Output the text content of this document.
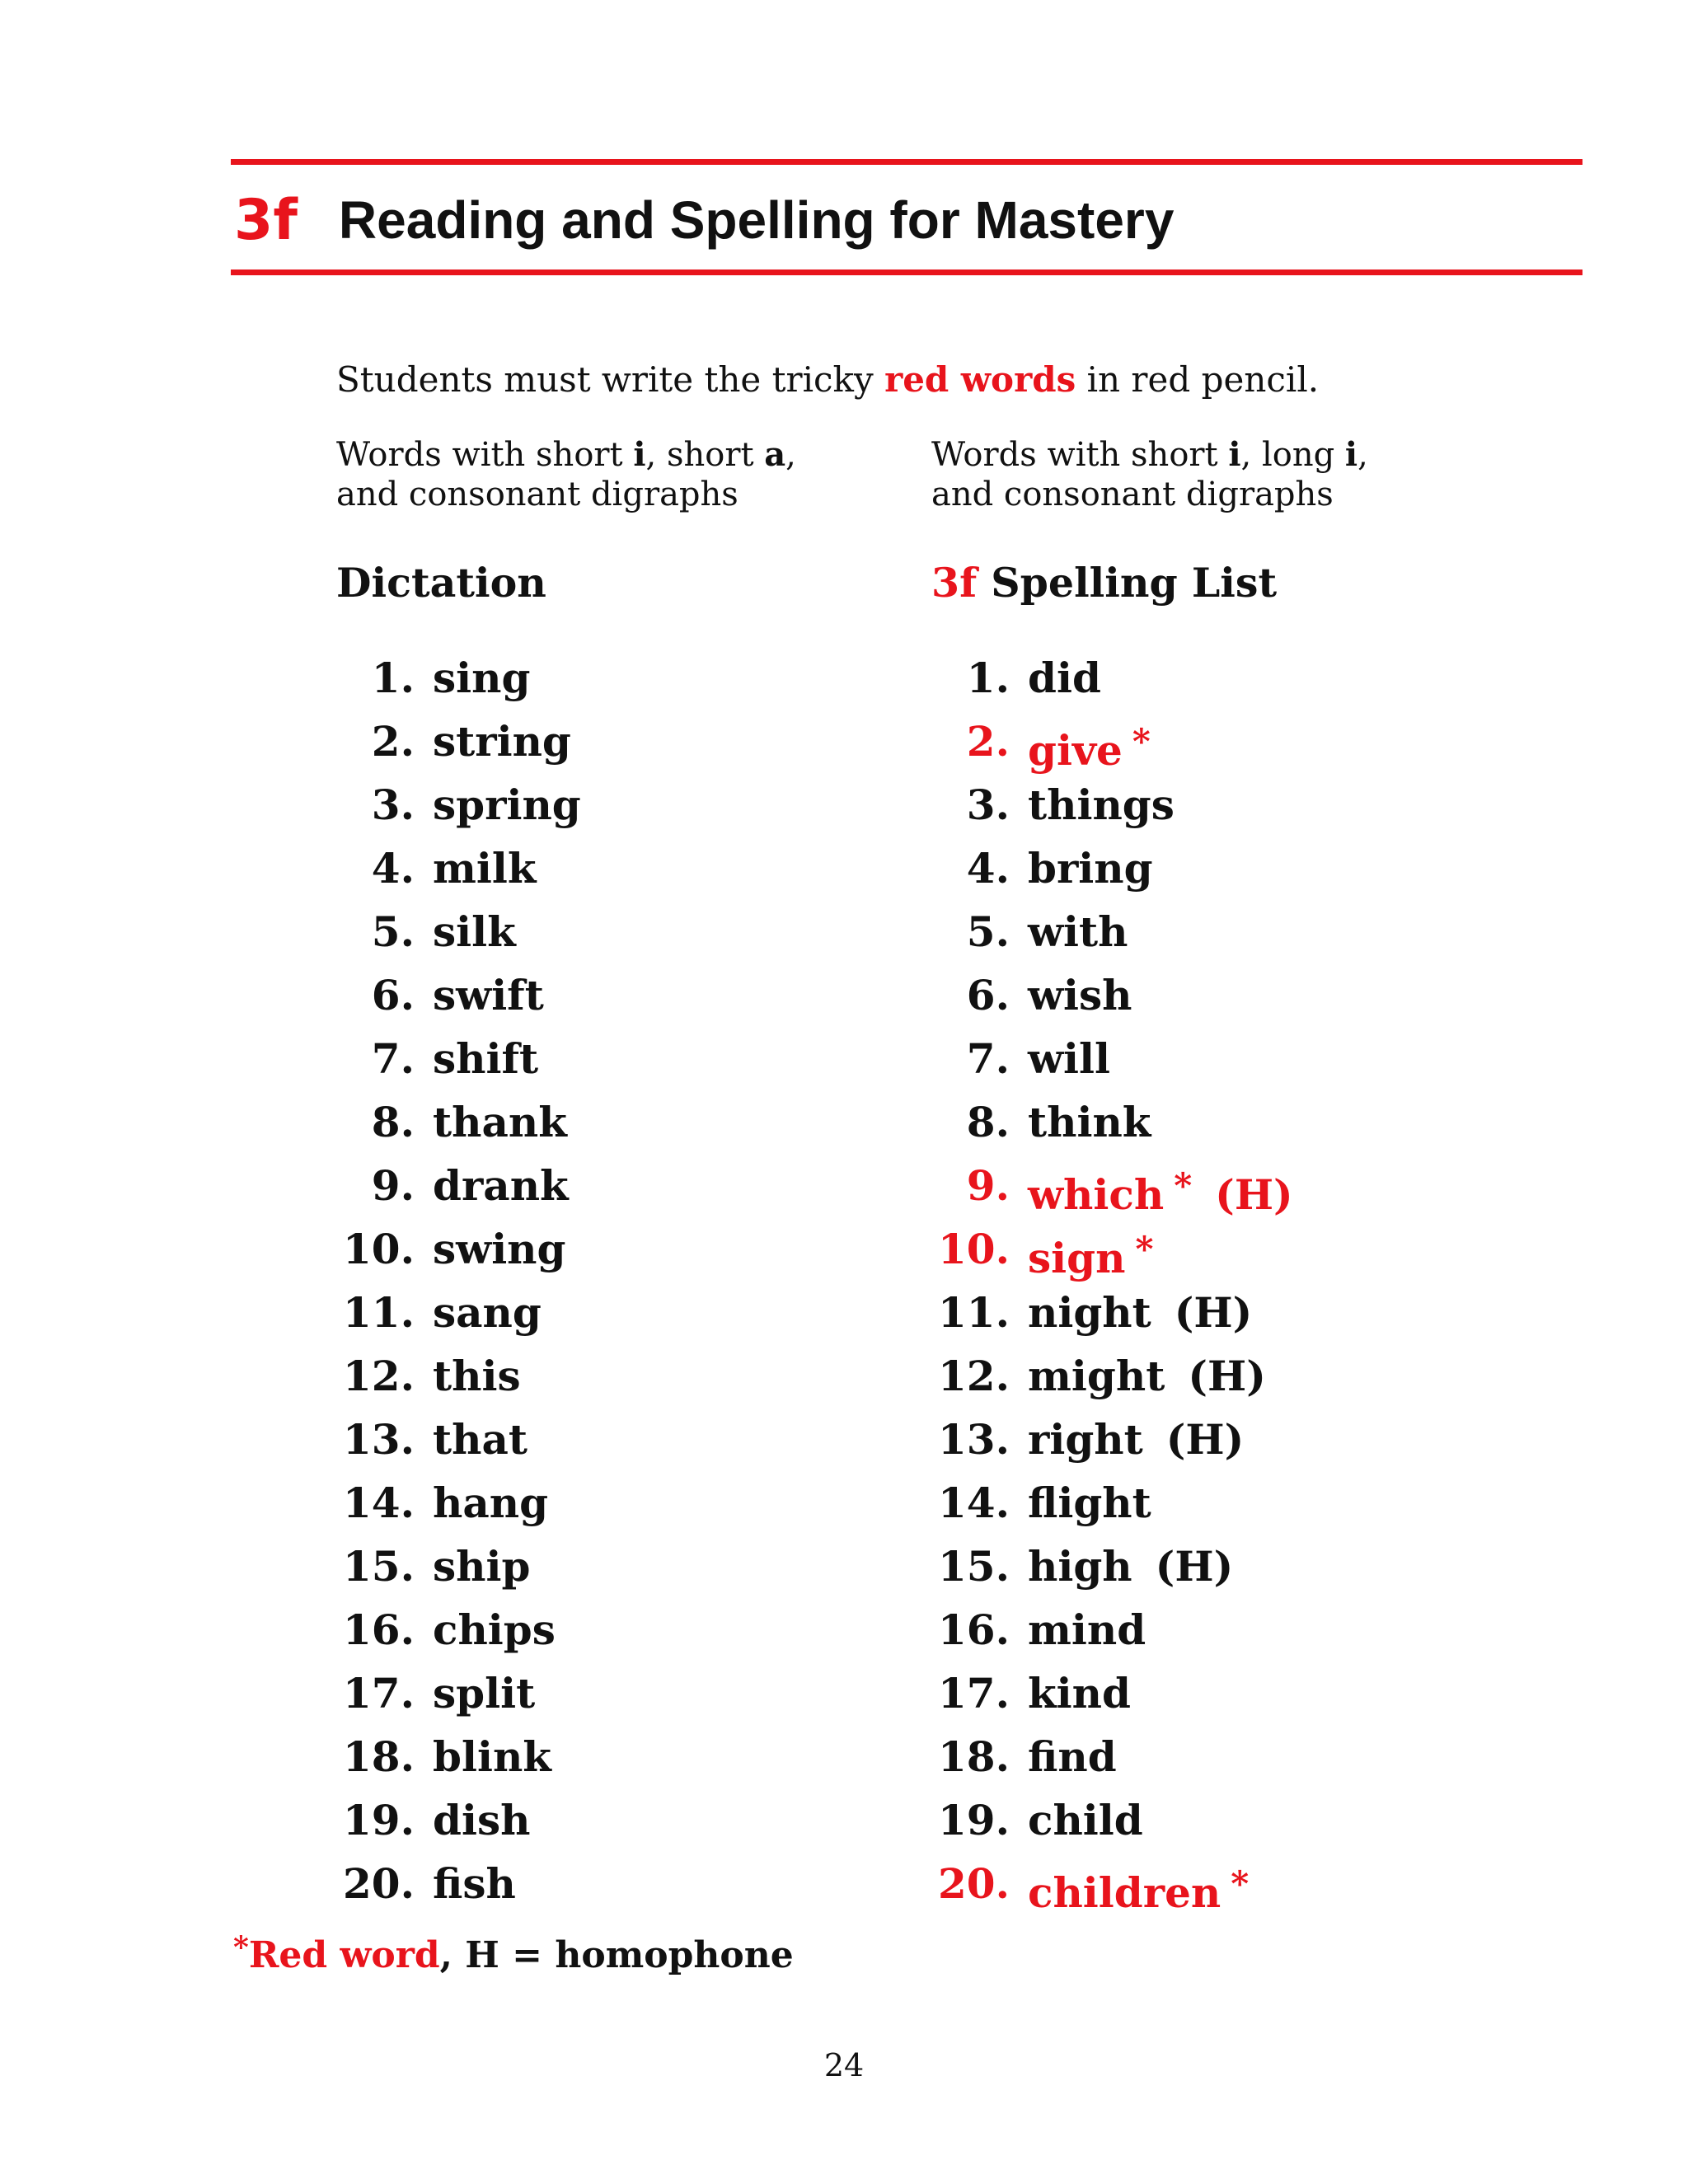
3f Reading and Spelling for Mastery
Students must write the tricky red words in red pencil.
Words with short i, short a,
and consonant digraphs
Dictation
1. sing
2. string
3. spring
4. milk
5. silk
6. swift
7. shift
8. thank
9. drank
10. swing
11. sang
12. this
13. that
14. hang
15. ship
16. chips
17. split
18. blink
19. dish
20. fish
Words with short i, long i,
and consonant digraphs
3f Spelling List
1. did
2. give *
3. things
4. bring
5. with
6. wish
7. will
8. think
9. which * (H)
10. sign *
11. night (H)
12. might (H)
13. right (H)
14. flight
15. high (H)
16. mind
17. kind
18. find
19. child
20. children *
*Red word, H = homophone
24
